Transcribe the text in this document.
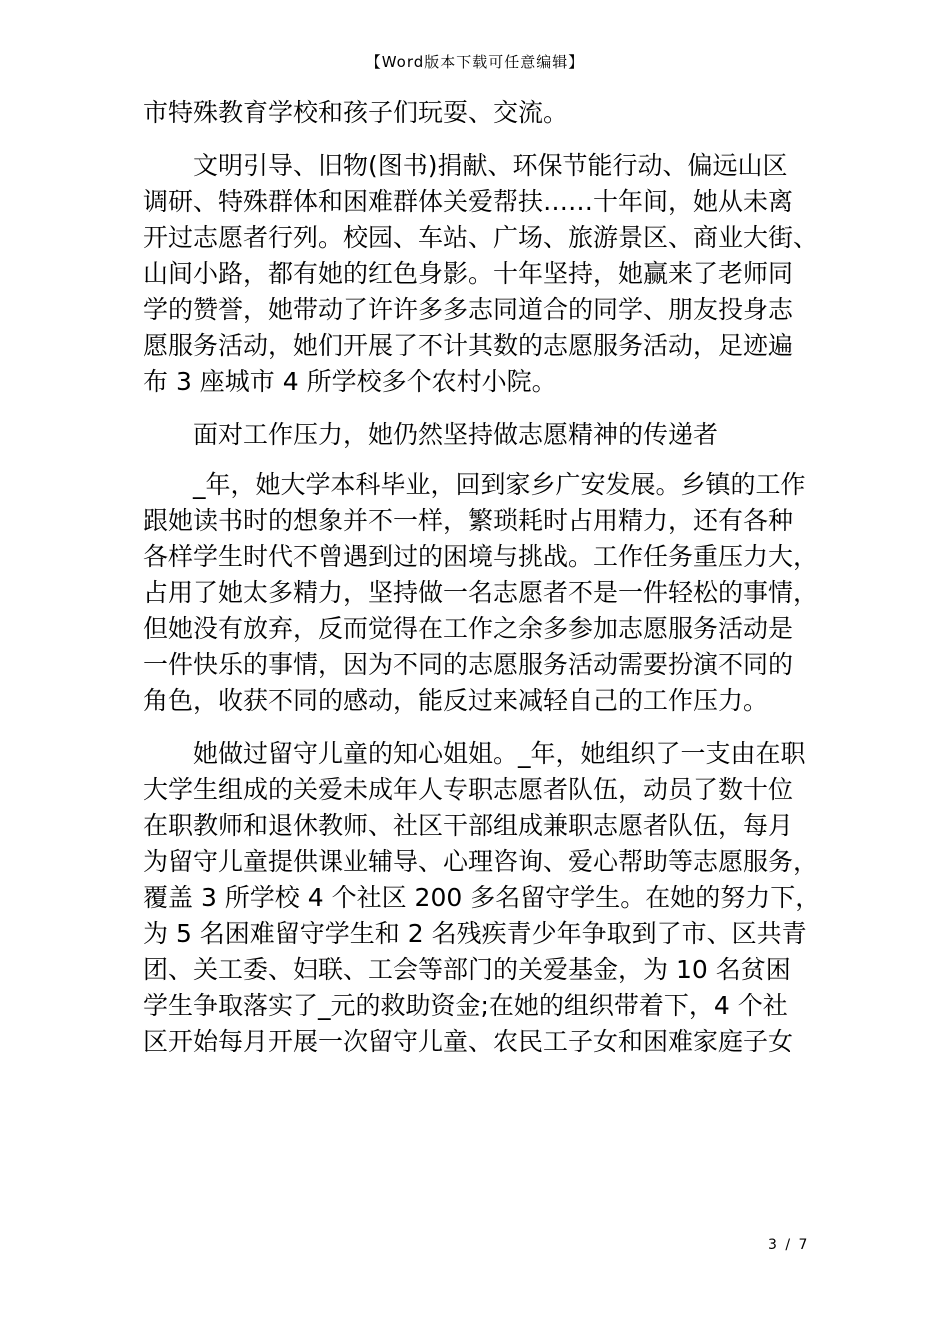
【Word版本下载可任意编辑】
市特殊教育学校和孩子们玩耍、交流。
文明引导、旧物(图书)捐献、环保节能行动、偏远山区
调研、特殊群体和困难群体关爱帮扶……十年间，她从未离
开过志愿者行列。校园、车站、广场、旅游景区、商业大街、
山间小路，都有她的红色身影。十年坚持，她赢来了老师同
学的赞誉，她带动了许许多多志同道合的同学、朋友投身志
愿服务活动，她们开展了不计其数的志愿服务活动，足迹遍
布 3 座城市 4 所学校多个农村小院。
面对工作压力，她仍然坚持做志愿精神的传递者
_年，她大学本科毕业，回到家乡广安发展。乡镇的工作
跟她读书时的想象并不一样，繁琐耗时占用精力，还有各种
各样学生时代不曾遇到过的困境与挑战。工作任务重压力大，
占用了她太多精力，坚持做一名志愿者不是一件轻松的事情，
但她没有放弃，反而觉得在工作之余多参加志愿服务活动是
一件快乐的事情，因为不同的志愿服务活动需要扮演不同的
角色，收获不同的感动，能反过来减轻自己的工作压力。
她做过留守儿童的知心姐姐。_年，她组织了一支由在职
大学生组成的关爱未成年人专职志愿者队伍，动员了数十位
在职教师和退休教师、社区干部组成兼职志愿者队伍，每月
为留守儿童提供课业辅导、心理咨询、爱心帮助等志愿服务，
覆盖 3 所学校 4 个社区 200 多名留守学生。在她的努力下，
为 5 名困难留守学生和 2 名残疾青少年争取到了市、区共青
团、关工委、妇联、工会等部门的关爱基金，为 10 名贫困
学生争取落实了_元的救助资金;在她的组织带着下，4 个社
区开始每月开展一次留守儿童、农民工子女和困难家庭子女
3 / 7
